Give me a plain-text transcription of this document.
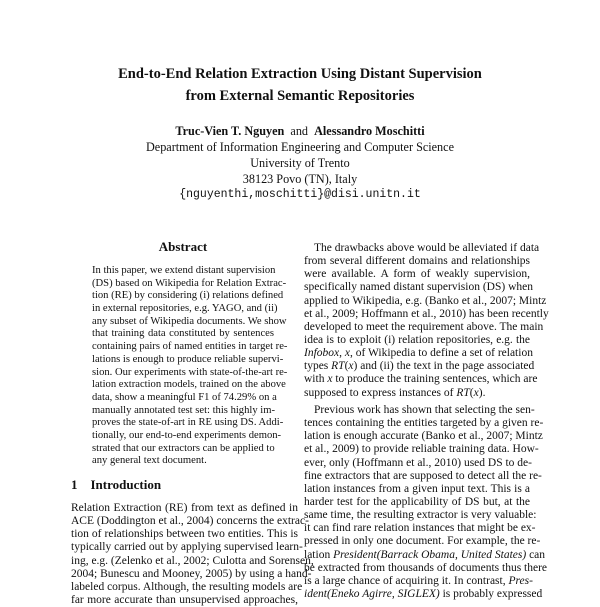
End-to-End Relation Extraction Using Distant Supervision
from External Semantic Repositories
Truc-Vien T. Nguyen and Alessandro Moschitti
Department of Information Engineering and Computer Science
University of Trento
38123 Povo (TN), Italy
{nguyenthi,moschitti}@disi.unitn.it
Abstract
In this paper, we extend distant supervision
(DS) based on Wikipedia for Relation Extrac-
tion (RE) by considering (i) relations defined
in external repositories, e.g. YAGO, and (ii)
any subset of Wikipedia documents. We show
that training data constituted by sentences
containing pairs of named entities in target re-
lations is enough to produce reliable supervi-
sion. Our experiments with state-of-the-art re-
lation extraction models, trained on the above
data, show a meaningful F1 of 74.29% on a
manually annotated test set: this highly im-
proves the state-of-art in RE using DS. Addi-
tionally, our end-to-end experiments demon-
strated that our extractors can be applied to
any general text document.
1 Introduction
Relation Extraction (RE) from text as defined in
ACE (Doddington et al., 2004) concerns the extrac-
tion of relationships between two entities. This is
typically carried out by applying supervised learn-
ing, e.g. (Zelenko et al., 2002; Culotta and Sorensen,
2004; Bunescu and Mooney, 2005) by using a hand-
labeled corpus. Although, the resulting models are
far more accurate than unsupervised approaches,
The drawbacks above would be alleviated if data
from several different domains and relationships
were available. A form of weakly supervision,
specifically named distant supervision (DS) when
applied to Wikipedia, e.g. (Banko et al., 2007; Mintz
et al., 2009; Hoffmann et al., 2010) has been recently
developed to meet the requirement above. The main
idea is to exploit (i) relation repositories, e.g. the
Infobox, x, of Wikipedia to define a set of relation
types RT(x) and (ii) the text in the page associated
with x to produce the training sentences, which are
supposed to express instances of RT(x).
Previous work has shown that selecting the sen-
tences containing the entities targeted by a given re-
lation is enough accurate (Banko et al., 2007; Mintz
et al., 2009) to provide reliable training data. How-
ever, only (Hoffmann et al., 2010) used DS to de-
fine extractors that are supposed to detect all the re-
lation instances from a given input text. This is a
harder test for the applicability of DS but, at the
same time, the resulting extractor is very valuable:
it can find rare relation instances that might be ex-
pressed in only one document. For example, the re-
lation President(Barrack Obama, United States) can
be extracted from thousands of documents thus there
is a large chance of acquiring it. In contrast, Pres-
ident(Eneko Agirre, SIGLEX) is probably expressed
